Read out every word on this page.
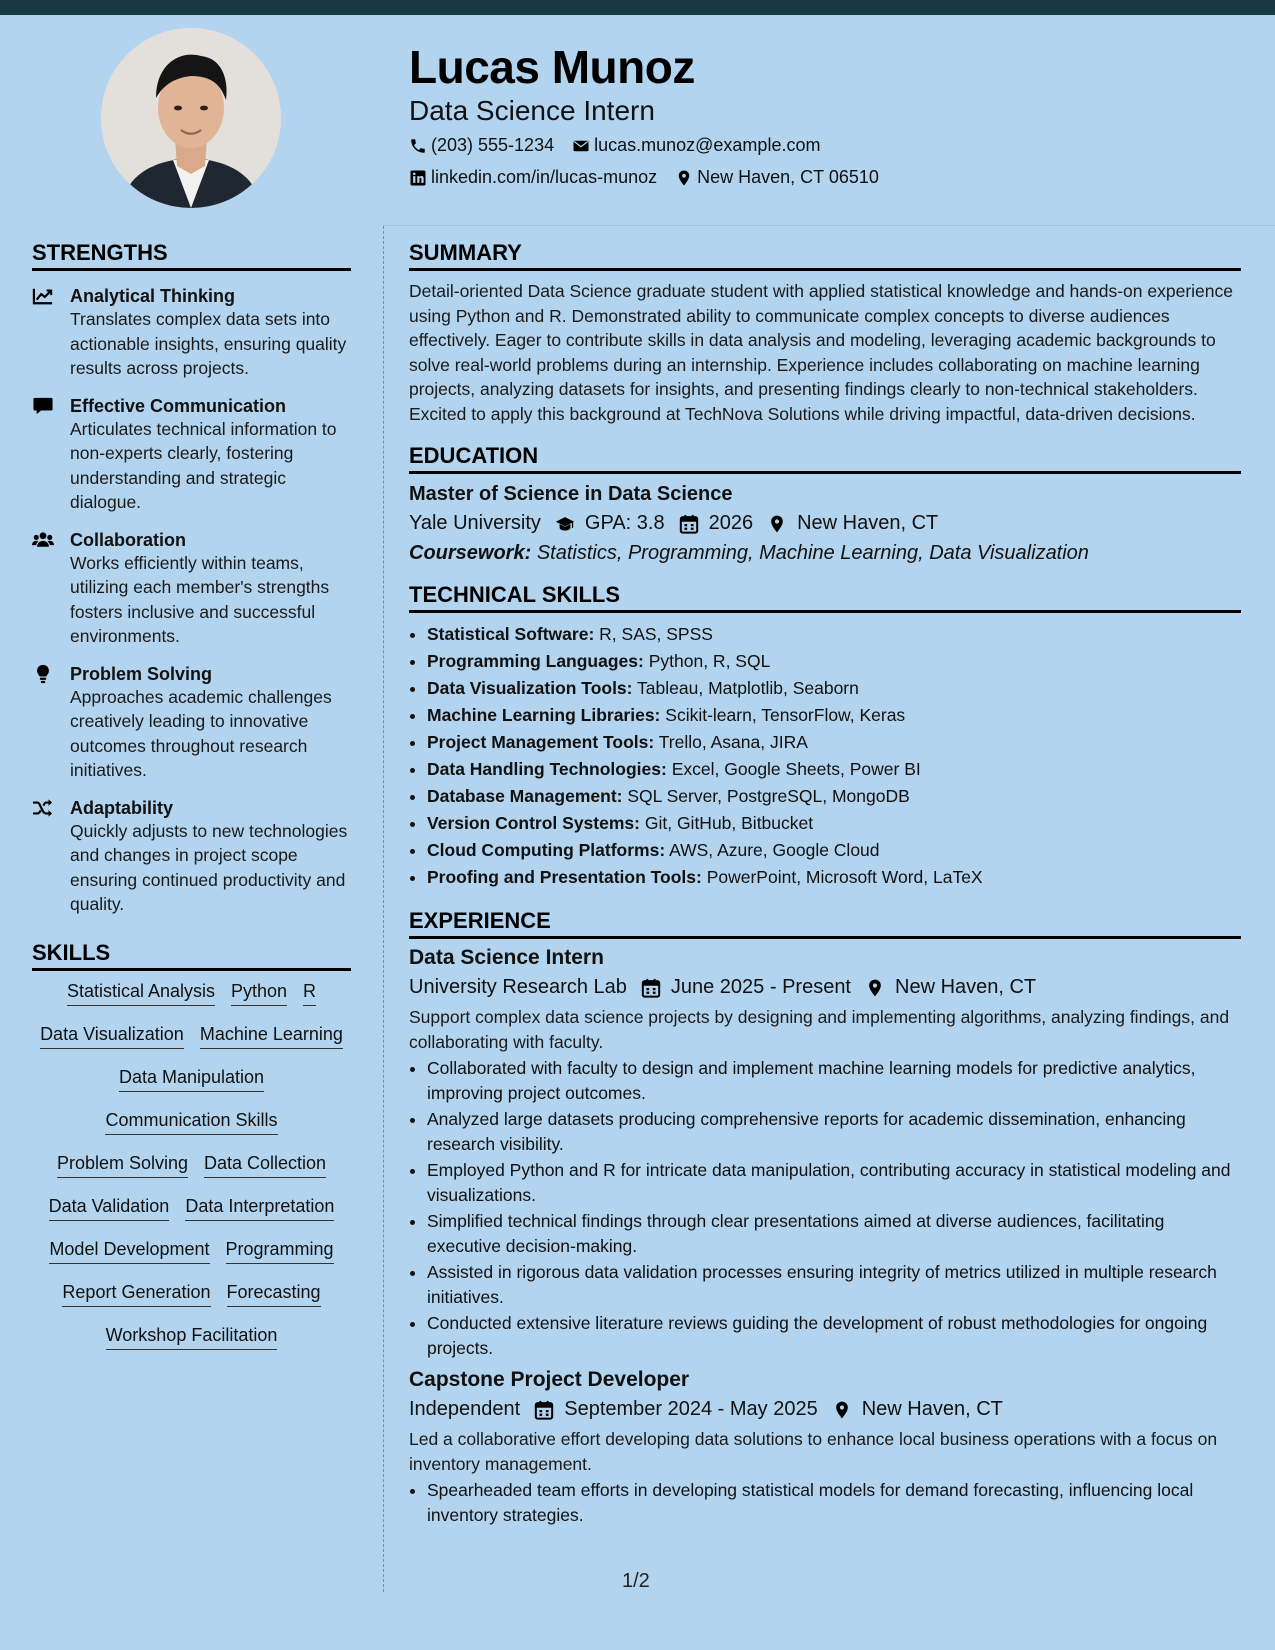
Lucas Munoz
Data Science Intern
(203) 555-1234 lucas.munoz@example.com
linkedin.com/in/lucas-munoz New Haven, CT 06510
STRENGTHS
Analytical Thinking
Translates complex data sets into actionable insights, ensuring quality results across projects.
Effective Communication
Articulates technical information to non-experts clearly, fostering understanding and strategic dialogue.
Collaboration
Works efficiently within teams, utilizing each member's strengths fosters inclusive and successful environments.
Problem Solving
Approaches academic challenges creatively leading to innovative outcomes throughout research initiatives.
Adaptability
Quickly adjusts to new technologies and changes in project scope ensuring continued productivity and quality.
SKILLS
Statistical Analysis Python R
Data Visualization Machine Learning
Data Manipulation
Communication Skills
Problem Solving Data Collection
Data Validation Data Interpretation
Model Development Programming
Report Generation Forecasting
Workshop Facilitation
SUMMARY

Detail-oriented Data Science graduate student with applied statistical knowledge and hands-on experience using Python and R. Demonstrated ability to communicate complex concepts to diverse audiences effectively. Eager to contribute skills in data analysis and modeling, leveraging academic backgrounds to solve real-world problems during an internship. Experience includes collaborating on machine learning projects, analyzing datasets for insights, and presenting findings clearly to non-technical stakeholders. Excited to apply this background at TechNova Solutions while driving impactful, data-driven decisions.

EDUCATION
Master of Science in Data Science
Yale University GPA: 3.8 2026 New Haven, CT
Coursework: Statistics, Programming, Machine Learning, Data Visualization
TECHNICAL SKILLS
• Statistical Software: R, SAS, SPSS
• Programming Languages: Python, R, SQL
• Data Visualization Tools: Tableau, Matplotlib, Seaborn
• Machine Learning Libraries: Scikit-learn, TensorFlow, Keras
• Project Management Tools: Trello, Asana, JIRA
• Data Handling Technologies: Excel, Google Sheets, Power BI
• Database Management: SQL Server, PostgreSQL, MongoDB
• Version Control Systems: Git, GitHub, Bitbucket
• Cloud Computing Platforms: AWS, Azure, Google Cloud
• Proofing and Presentation Tools: PowerPoint, Microsoft Word, LaTeX
EXPERIENCE
Data Science Intern
University Research Lab June 2025 - Present New Haven, CT

Support complex data science projects by designing and implementing algorithms, analyzing findings, and collaborating with faculty.

• Collaborated with faculty to design and implement machine learning models for predictive analytics, improving project outcomes.
• Analyzed large datasets producing comprehensive reports for academic dissemination, enhancing research visibility.
• Employed Python and R for intricate data manipulation, contributing accuracy in statistical modeling and visualizations.
• Simplified technical findings through clear presentations aimed at diverse audiences, facilitating executive decision-making.
• Assisted in rigorous data validation processes ensuring integrity of metrics utilized in multiple research initiatives.
• Conducted extensive literature reviews guiding the development of robust methodologies for ongoing projects.
Capstone Project Developer
Independent September 2024 - May 2025 New Haven, CT

Led a collaborative effort developing data solutions to enhance local business operations with a focus on inventory management.

• Spearheaded team efforts in developing statistical models for demand forecasting, influencing local inventory strategies.
1/2
